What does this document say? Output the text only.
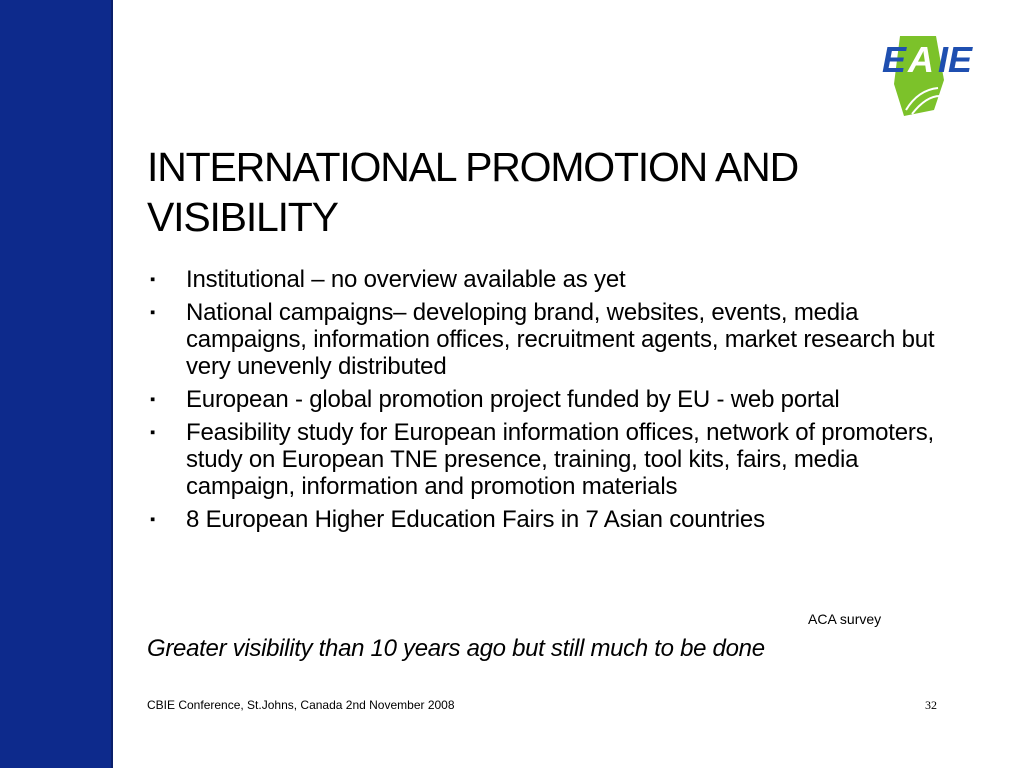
E A IE
INTERNATIONAL PROMOTION AND VISIBILITY
▪ Institutional – no overview available as yet
▪ National campaigns– developing brand, websites, events, media campaigns, information offices, recruitment agents, market research but very unevenly distributed
▪ European - global promotion project funded by EU - web portal
▪ Feasibility study for European information offices, network of promoters, study on European TNE presence, training, tool kits, fairs, media campaign, information and promotion materials
▪ 8 European Higher Education Fairs in 7 Asian countries
ACA survey
Greater visibility than 10 years ago but still much to be done
CBIE Conference, St.Johns, Canada 2nd November 2008	32
